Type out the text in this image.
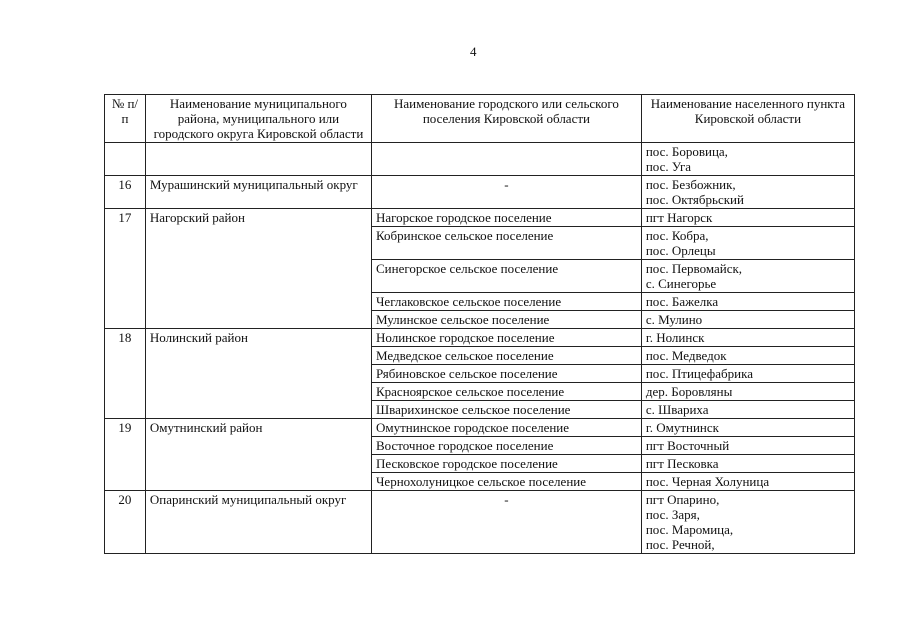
4
№ п/п	Наименование муниципального района, муниципального или городского округа Кировской области	Наименование городского или сельского поселения Кировской области	Наименование населенного пункта Кировской области

			пос. Боровица,
пос. Уга

16	Мурашинский муниципальный округ	-	пос. Безбожник,
пос. Октябрьский

17	Нагорский район	Нагорское городское поселение	пгт Нагорск
		Кобринское сельское поселение	пос. Кобра,
пос. Орлецы

		Синегорское сельское поселение	пос. Первомайск,
с. Синегорье

		Чеглаковское сельское поселение	пос. Бажелка
		Мулинское сельское поселение	с. Мулино
18	Нолинский район	Нолинское городское поселение	г. Нолинск
		Медведское сельское поселение	пос. Медведок
		Рябиновское сельское поселение	пос. Птицефабрика
		Красноярское сельское поселение	дер. Боровляны
		Шварихинское сельское поселение	с. Швариха
19	Омутнинский район	Омутнинское городское поселение	г. Омутнинск
		Восточное городское поселение	пгт Восточный
		Песковское городское поселение	пгт Песковка
		Чернохолуницкое сельское поселение	пос. Черная Холуница
20	Опаринский муниципальный округ	-	пгт Опарино,
пос. Заря,
пос. Маромица,
пос. Речной,
